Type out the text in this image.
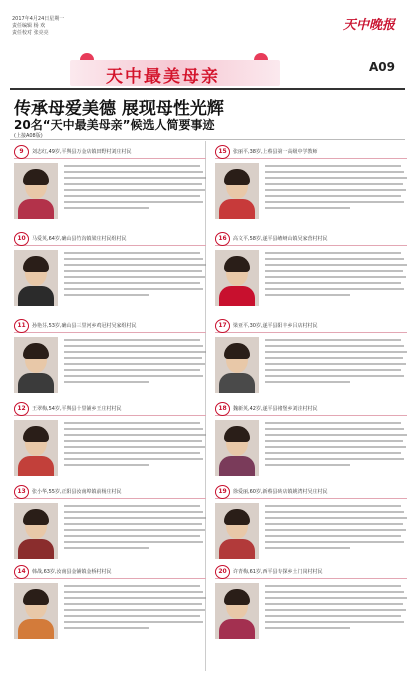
2017年4月24日星期一
责任编辑 杨 欢
责任校对 张亮亮
天中最美母亲
天中晚报
A09
传承母爱美德 展现母性光辉
20名“天中最美母亲”候选人简要事迹
(上接A08版)
9	刘志红,49岁,平舆县万金店镇田野村刘庄村民
10	马爱英,64岁,确山县竹沟镇梁庄村民组村民
11	孙艳芬,53岁,确山县三里河乡鸡冠村吴家组村民
12	王翠梅,54岁,平舆县十里铺乡王庄村村民
13	张小华,55岁,正阳县汝南埠镇前杨庄村民
14	韩战,63岁,汝南县金铺镇金桥村村民
15	张丽平,38岁,上蔡县第一高级中学教师
16	高文平,58岁,遂平县嵖岈山镇吴家营村村民
17	梁亚平,30岁,遂平县阳丰乡吕店村村民
18	魏新英,42岁,遂平县褚堡乡刘洼村村民
19	徐爱丽,60岁,新蔡县砖店镇姚湾村吴庄村民
20	许青梅,61岁,西平县专探乡土门岗村村民
